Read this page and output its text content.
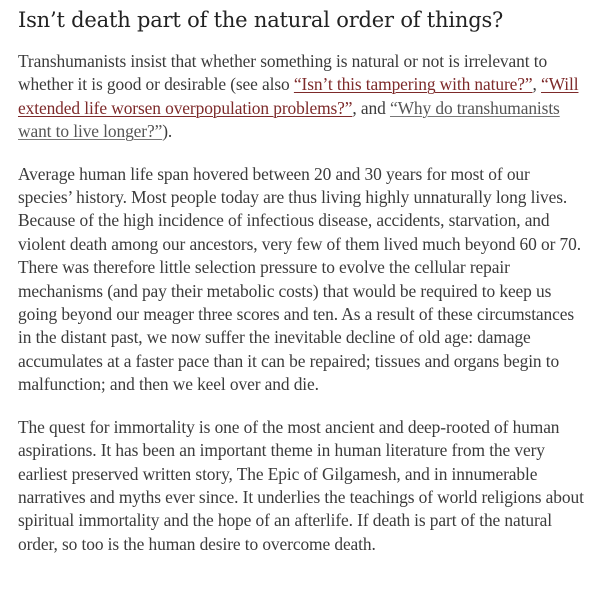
Isn’t death part of the natural order of things?

Transhumanists insist that whether something is natural or not is irrelevant to whether it is good or desirable (see also “Isn’t this tampering with nature?”, “Will extended life worsen overpopulation problems?”, and “Why do transhumanists want to live longer?”).

Average human life span hovered between 20 and 30 years for most of our species’ history. Most people today are thus living highly unnaturally long lives. Because of the high incidence of infectious disease, accidents, starvation, and violent death among our ancestors, very few of them lived much beyond 60 or 70. There was therefore little selection pressure to evolve the cellular repair mechanisms (and pay their metabolic costs) that would be required to keep us going beyond our meager three scores and ten. As a result of these circumstances in the distant past, we now suffer the inevitable decline of old age: damage accumulates at a faster pace than it can be repaired; tissues and organs begin to malfunction; and then we keel over and die.

The quest for immortality is one of the most ancient and deep-rooted of human aspirations. It has been an important theme in human literature from the very earliest preserved written story, The Epic of Gilgamesh, and in innumerable narratives and myths ever since. It underlies the teachings of world religions about spiritual immortality and the hope of an afterlife. If death is part of the natural order, so too is the human desire to overcome death.
